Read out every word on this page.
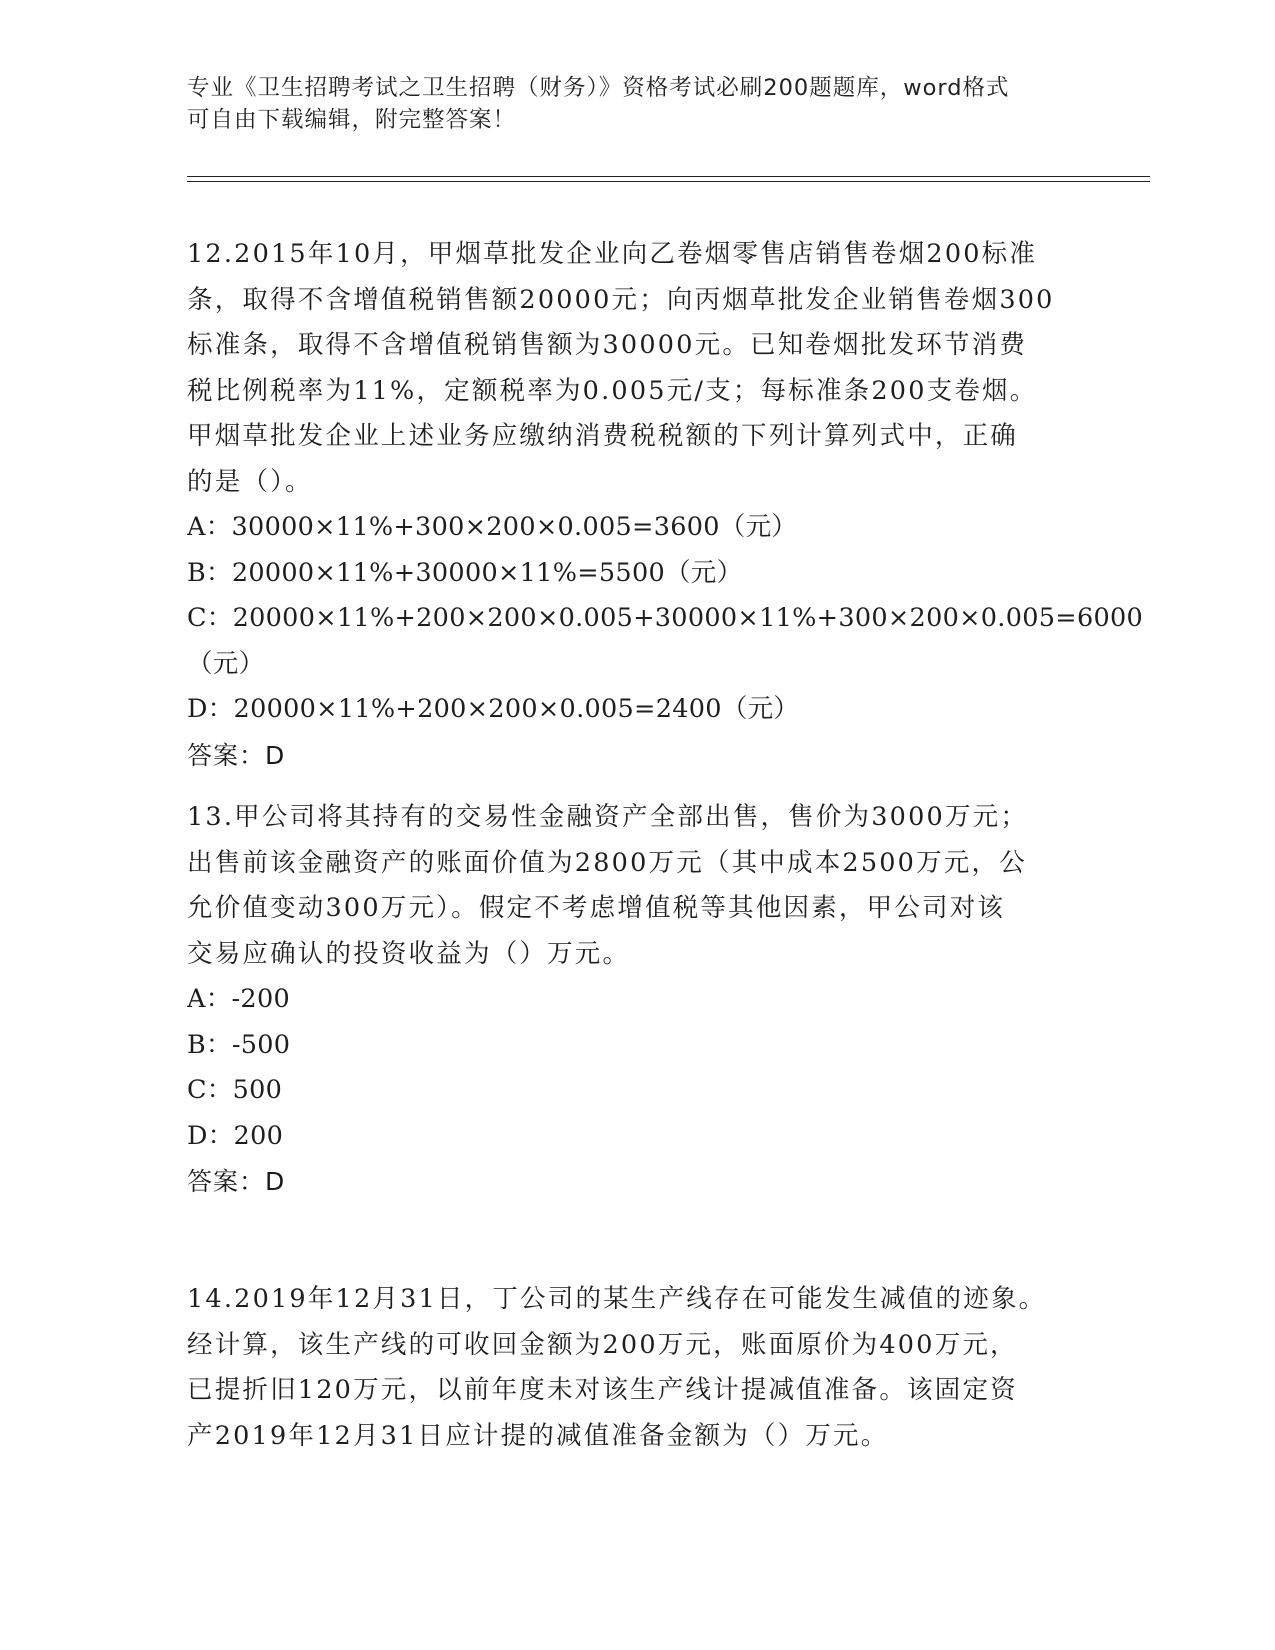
专业《卫生招聘考试之卫生招聘（财务）》资格考试必刷200题题库，word格式
可自由下载编辑，附完整答案！
12.2015年10月，甲烟草批发企业向乙卷烟零售店销售卷烟200标准
条，取得不含增值税销售额20000元；向丙烟草批发企业销售卷烟300
标准条，取得不含增值税销售额为30000元。已知卷烟批发环节消费
税比例税率为11%，定额税率为0.005元/支；每标准条200支卷烟。
甲烟草批发企业上述业务应缴纳消费税税额的下列计算列式中，正确
的是（）。
A：30000×11%+300×200×0.005=3600（元）
B：20000×11%+30000×11%=5500（元）
C：20000×11%+200×200×0.005+30000×11%+300×200×0.005=6000
（元）
D：20000×11%+200×200×0.005=2400（元）
答案：D
13.甲公司将其持有的交易性金融资产全部出售，售价为3000万元；
出售前该金融资产的账面价值为2800万元（其中成本2500万元，公
允价值变动300万元）。假定不考虑增值税等其他因素，甲公司对该
交易应确认的投资收益为（）万元。
A：-200
B：-500
C：500
D：200
答案：D
14.2019年12月31日，丁公司的某生产线存在可能发生减值的迹象。
经计算，该生产线的可收回金额为200万元，账面原价为400万元，
已提折旧120万元，以前年度未对该生产线计提减值准备。该固定资
产2019年12月31日应计提的减值准备金额为（）万元。
